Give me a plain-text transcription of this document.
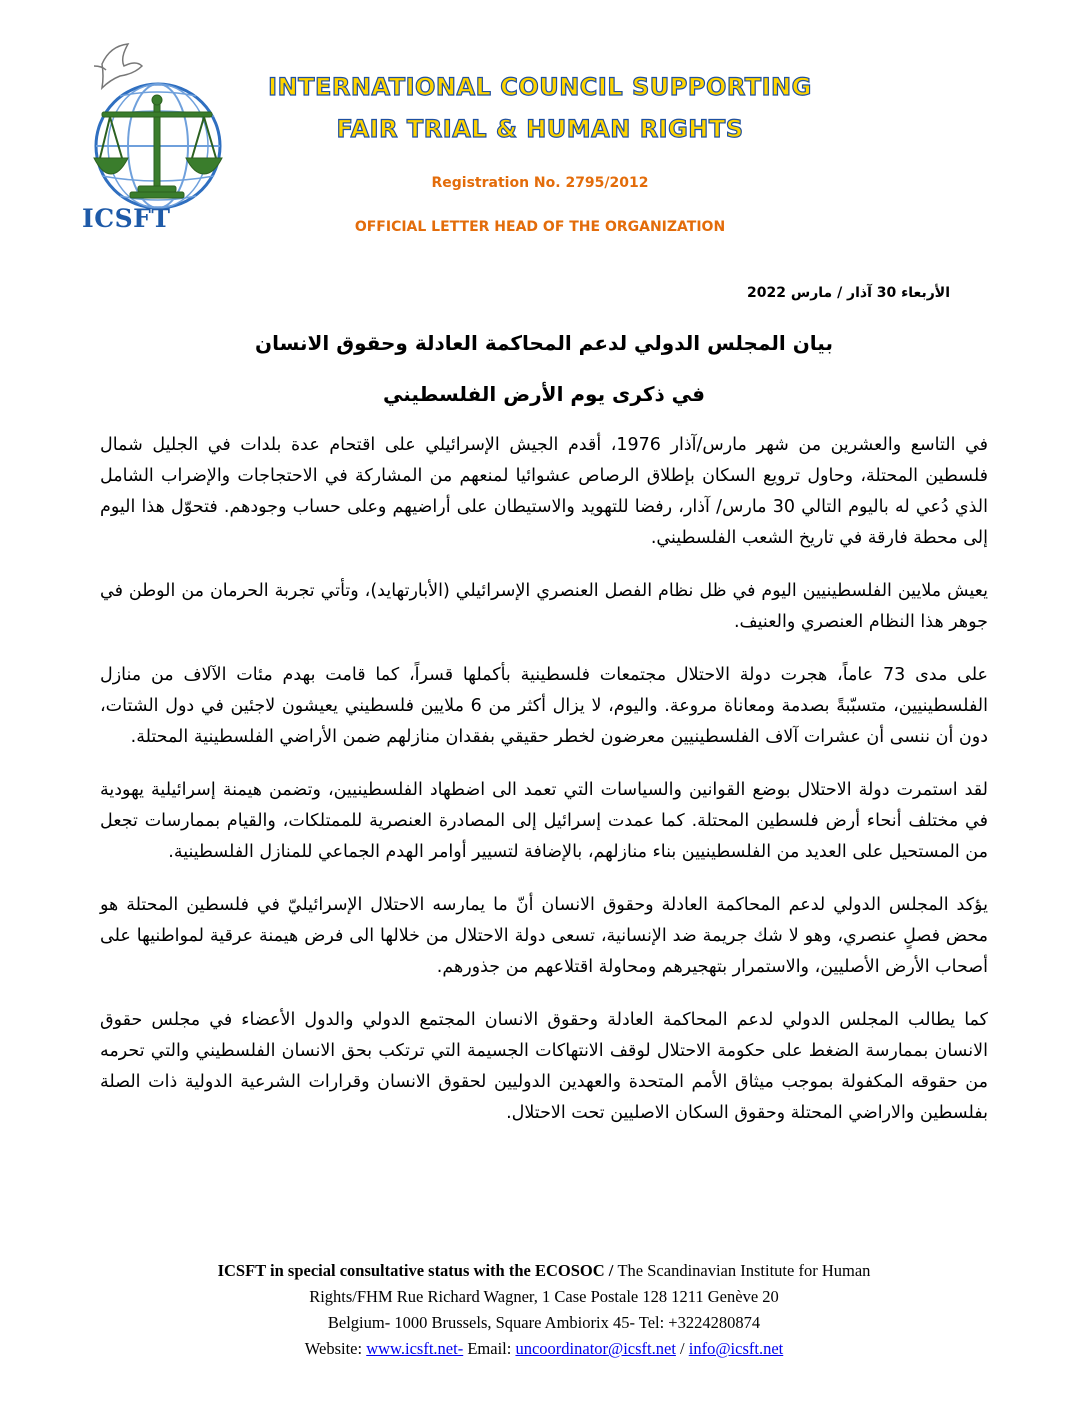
ICSFT
INTERNATIONAL COUNCIL SUPPORTING
FAIR TRIAL & HUMAN RIGHTS
Registration No. 2795/2012
OFFICIAL LETTER HEAD OF THE ORGANIZATION
الأربعاء 30 آذار / مارس 2022
بيان المجلس الدولي لدعم المحاكمة العادلة وحقوق الانسان
في ذكرى يوم الأرض الفلسطيني

في التاسع والعشرين من شهر مارس/آذار 1976، أقدم الجيش الإسرائيلي على اقتحام عدة بلدات في الجليل شمال فلسطين المحتلة، وحاول ترويع السكان بإطلاق الرصاص عشوائيا لمنعهم من المشاركة في الاحتجاجات والإضراب الشامل الذي دُعي له باليوم التالي 30 مارس/ آذار، رفضا للتهويد والاستيطان على أراضيهم وعلى حساب وجودهم. فتحوّل هذا اليوم إلى محطة فارقة في تاريخ الشعب الفلسطيني.

يعيش ملايين الفلسطينيين اليوم في ظل نظام الفصل العنصري الإسرائيلي (الأبارتهايد)، وتأتي تجربة الحرمان من الوطن في جوهر هذا النظام العنصري والعنيف.

على مدى 73 عاماً، هجرت دولة الاحتلال مجتمعات فلسطينية بأكملها قسراً، كما قامت بهدم مئات الآلاف من منازل الفلسطينيين، متسبّبةً بصدمة ومعاناة مروعة. واليوم، لا يزال أكثر من 6 ملايين فلسطيني يعيشون لاجئين في دول الشتات، دون أن ننسى أن عشرات آلاف الفلسطينيين معرضون لخطر حقيقي بفقدان منازلهم ضمن الأراضي الفلسطينية المحتلة.

لقد استمرت دولة الاحتلال بوضع القوانين والسياسات التي تعمد الى اضطهاد الفلسطينيين، وتضمن هيمنة إسرائيلية يهودية في مختلف أنحاء أرض فلسطين المحتلة. كما عمدت إسرائيل إلى المصادرة العنصرية للممتلكات، والقيام بممارسات تجعل من المستحيل على العديد من الفلسطينيين بناء منازلهم، بالإضافة لتسيير أوامر الهدم الجماعي للمنازل الفلسطينية.

يؤكد المجلس الدولي لدعم المحاكمة العادلة وحقوق الانسان أنّ ما يمارسه الاحتلال الإسرائيليّ في فلسطين المحتلة هو محض فصلٍ عنصري، وهو لا شك جريمة ضد الإنسانية، تسعى دولة الاحتلال من خلالها الى فرض هيمنة عرقية لمواطنيها على أصحاب الأرض الأصليين، والاستمرار بتهجيرهم ومحاولة اقتلاعهم من جذورهم.

كما يطالب المجلس الدولي لدعم المحاكمة العادلة وحقوق الانسان المجتمع الدولي والدول الأعضاء في مجلس حقوق الانسان بممارسة الضغط على حكومة الاحتلال لوقف الانتهاكات الجسيمة التي ترتكب بحق الانسان الفلسطيني والتي تحرمه من حقوقه المكفولة بموجب ميثاق الأمم المتحدة والعهدين الدوليين لحقوق الانسان وقرارات الشرعية الدولية ذات الصلة بفلسطين والاراضي المحتلة وحقوق السكان الاصليين تحت الاحتلال.

ICSFT in special consultative status with the ECOSOC / The Scandinavian Institute for Human
Rights/FHM Rue Richard Wagner, 1 Case Postale 128 1211 Genève 20
Belgium- 1000 Brussels, Square Ambiorix 45- Tel: +3224280874
Website: www.icsft.net- Email: uncoordinator@icsft.net / info@icsft.net
